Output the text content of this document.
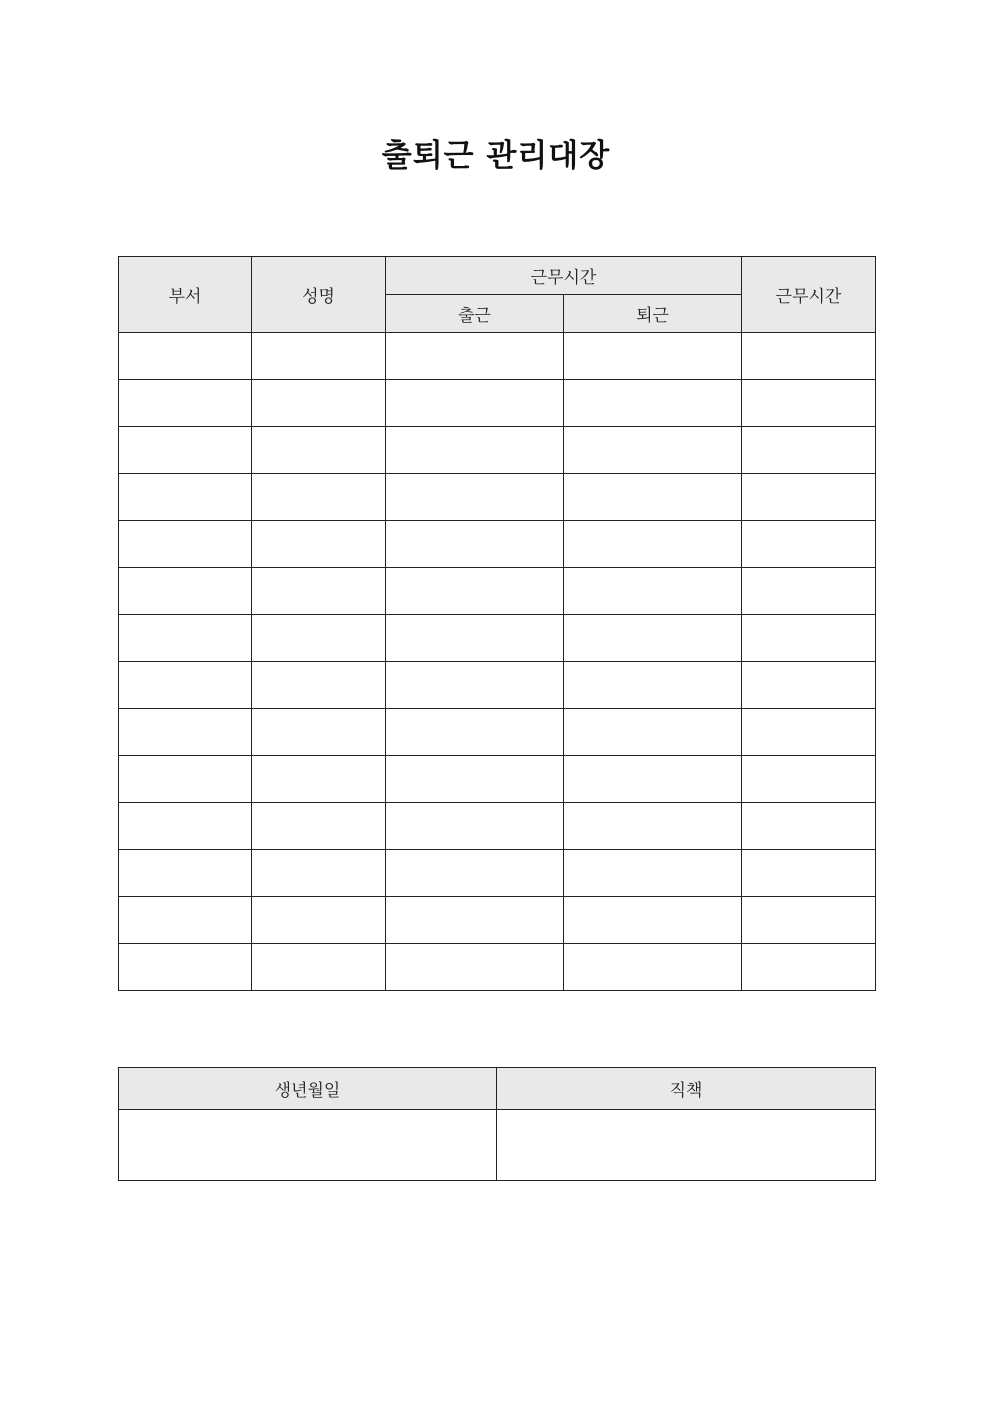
출퇴근 관리대장
부서	성명	근무시간		근무시간
		출근	퇴근	

생년월일	직책
